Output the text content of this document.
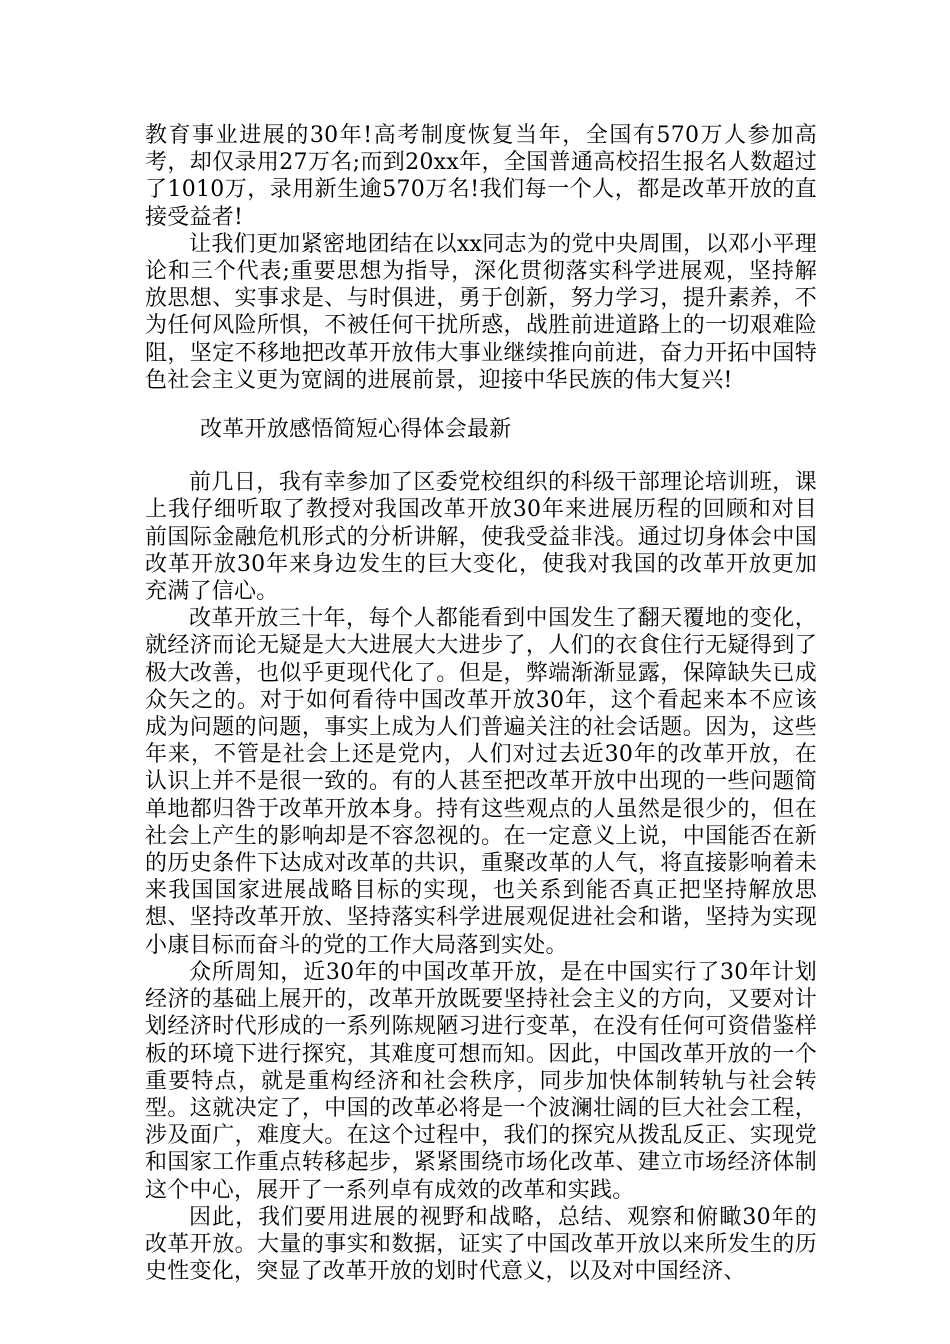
教育事业进展的30年!高考制度恢复当年，全国有570万人参加高考，却仅录用27万名;而到20xx年，全国普通高校招生报名人数超过了1010万，录用新生逾570万名!我们每一个人，都是改革开放的直接受益者!

让我们更加紧密地团结在以xx同志为的党中央周围，以邓小平理论和三个代表;重要思想为指导，深化贯彻落实科学进展观，坚持解放思想、实事求是、与时俱进，勇于创新，努力学习，提升素养，不为任何风险所惧，不被任何干扰所惑，战胜前进道路上的一切艰难险阻，坚定不移地把改革开放伟大事业继续推向前进，奋力开拓中国特色社会主义更为宽阔的进展前景，迎接中华民族的伟大复兴!

改革开放感悟简短心得体会最新

前几日，我有幸参加了区委党校组织的科级干部理论培训班，课上我仔细听取了教授对我国改革开放30年来进展历程的回顾和对目前国际金融危机形式的分析讲解，使我受益非浅。通过切身体会中国改革开放30年来身边发生的巨大变化，使我对我国的改革开放更加充满了信心。

改革开放三十年，每个人都能看到中国发生了翻天覆地的变化，就经济而论无疑是大大进展大大进步了，人们的衣食住行无疑得到了极大改善，也似乎更现代化了。但是，弊端渐渐显露，保障缺失已成众矢之的。对于如何看待中国改革开放30年，这个看起来本不应该成为问题的问题，事实上成为人们普遍关注的社会话题。因为，这些年来，不管是社会上还是党内，人们对过去近30年的改革开放，在认识上并不是很一致的。有的人甚至把改革开放中出现的一些问题简单地都归咎于改革开放本身。持有这些观点的人虽然是很少的，但在社会上产生的影响却是不容忽视的。在一定意义上说，中国能否在新的历史条件下达成对改革的共识，重聚改革的人气，将直接影响着未来我国国家进展战略目标的实现，也关系到能否真正把坚持解放思想、坚持改革开放、坚持落实科学进展观促进社会和谐，坚持为实现小康目标而奋斗的党的工作大局落到实处。

众所周知，近30年的中国改革开放，是在中国实行了30年计划经济的基础上展开的，改革开放既要坚持社会主义的方向，又要对计划经济时代形成的一系列陈规陋习进行变革，在没有任何可资借鉴样板的环境下进行探究，其难度可想而知。因此，中国改革开放的一个重要特点，就是重构经济和社会秩序，同步加快体制转轨与社会转型。这就决定了，中国的改革必将是一个波澜壮阔的巨大社会工程，涉及面广，难度大。在这个过程中，我们的探究从拨乱反正、实现党和国家工作重点转移起步，紧紧围绕市场化改革、建立市场经济体制这个中心，展开了一系列卓有成效的改革和实践。

因此，我们要用进展的视野和战略，总结、观察和俯瞰30年的改革开放。大量的事实和数据，证实了中国改革开放以来所发生的历史性变化，突显了改革开放的划时代意义，以及对中国经济、
